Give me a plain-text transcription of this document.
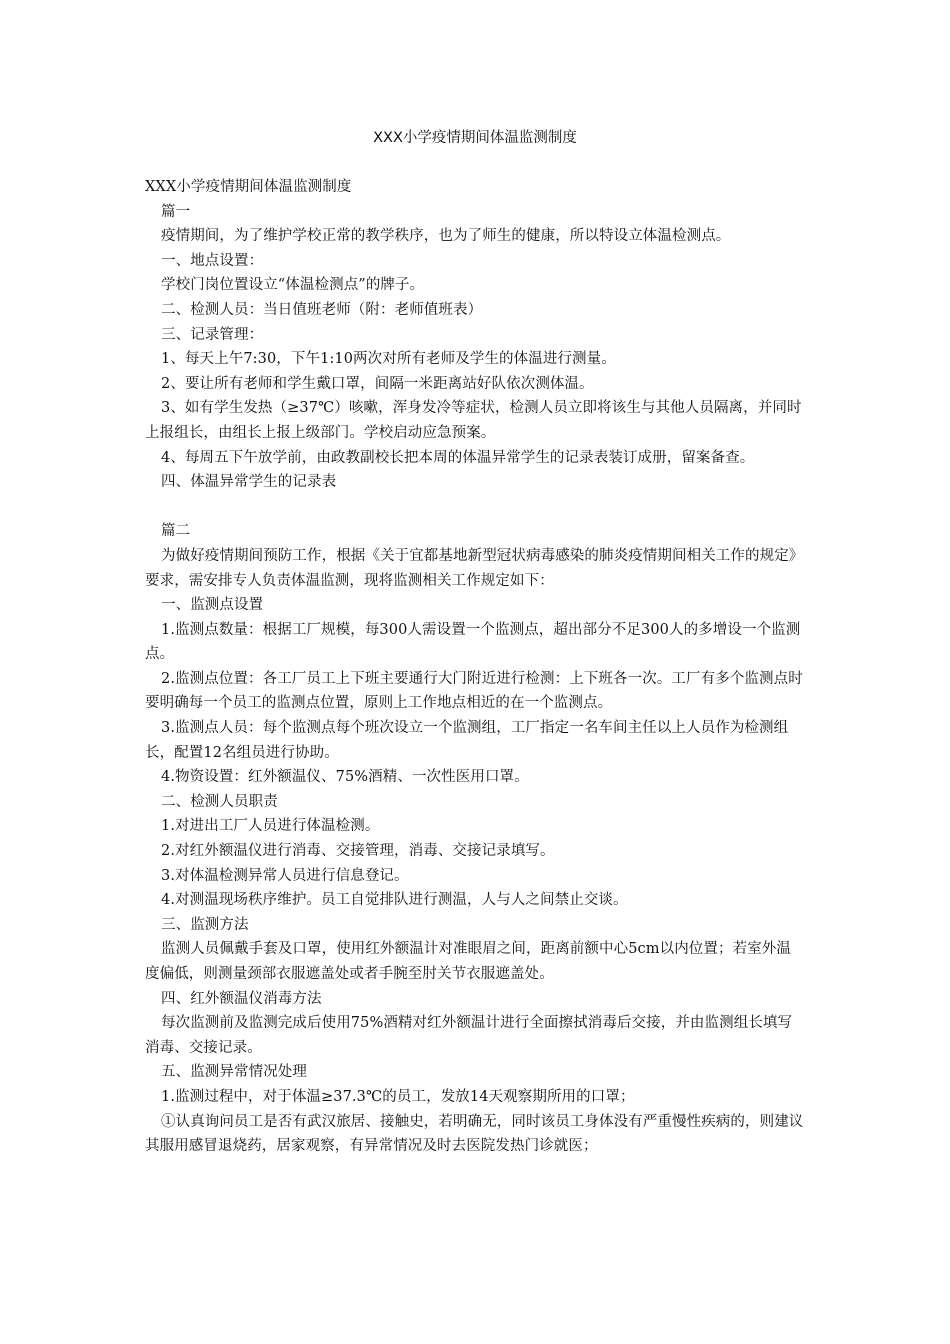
XXX小学疫情期间体温监测制度

XXX小学疫情期间体温监测制度

篇一

疫情期间，为了维护学校正常的教学秩序，也为了师生的健康，所以特设立体温检测点。

一、地点设置：

学校门岗位置设立“体温检测点”的牌子。

二、检测人员：当日值班老师（附：老师值班表）

三、记录管理：

1、每天上午7:30，下午1:10两次对所有老师及学生的体温进行测量。

2、要让所有老师和学生戴口罩，间隔一米距离站好队依次测体温。

3、如有学生发热（≥37℃）咳嗽，浑身发冷等症状，检测人员立即将该生与其他人员隔离，并同时上报组长，由组长上报上级部门。学校启动应急预案。

4、每周五下午放学前，由政教副校长把本周的体温异常学生的记录表装订成册，留案备查。

四、体温异常学生的记录表

篇二

为做好疫情期间预防工作，根据《关于宜都基地新型冠状病毒感染的肺炎疫情期间相关工作的规定》要求，需安排专人负责体温监测，现将监测相关工作规定如下：

一、监测点设置

1.监测点数量：根据工厂规模，每300人需设置一个监测点，超出部分不足300人的多增设一个监测点。

2.监测点位置：各工厂员工上下班主要通行大门附近进行检测：上下班各一次。工厂有多个监测点时要明确每一个员工的监测点位置，原则上工作地点相近的在一个监测点。

3.监测点人员：每个监测点每个班次设立一个监测组，工厂指定一名车间主任以上人员作为检测组长，配置12名组员进行协助。

4.物资设置：红外额温仪、75%酒精、一次性医用口罩。

二、检测人员职责

1.对进出工厂人员进行体温检测。

2.对红外额温仪进行消毒、交接管理，消毒、交接记录填写。

3.对体温检测异常人员进行信息登记。

4.对测温现场秩序维护。员工自觉排队进行测温，人与人之间禁止交谈。

三、监测方法

监测人员佩戴手套及口罩，使用红外额温计对准眼眉之间，距离前额中心5cm以内位置；若室外温度偏低，则测量颈部衣服遮盖处或者手腕至肘关节衣服遮盖处。

四、红外额温仪消毒方法

每次监测前及监测完成后使用75%酒精对红外额温计进行全面擦拭消毒后交接，并由监测组长填写消毒、交接记录。

五、监测异常情况处理

1.监测过程中，对于体温≥37.3℃的员工，发放14天观察期所用的口罩；

①认真询问员工是否有武汉旅居、接触史，若明确无，同时该员工身体没有严重慢性疾病的，则建议其服用感冒退烧药，居家观察，有异常情况及时去医院发热门诊就医；
